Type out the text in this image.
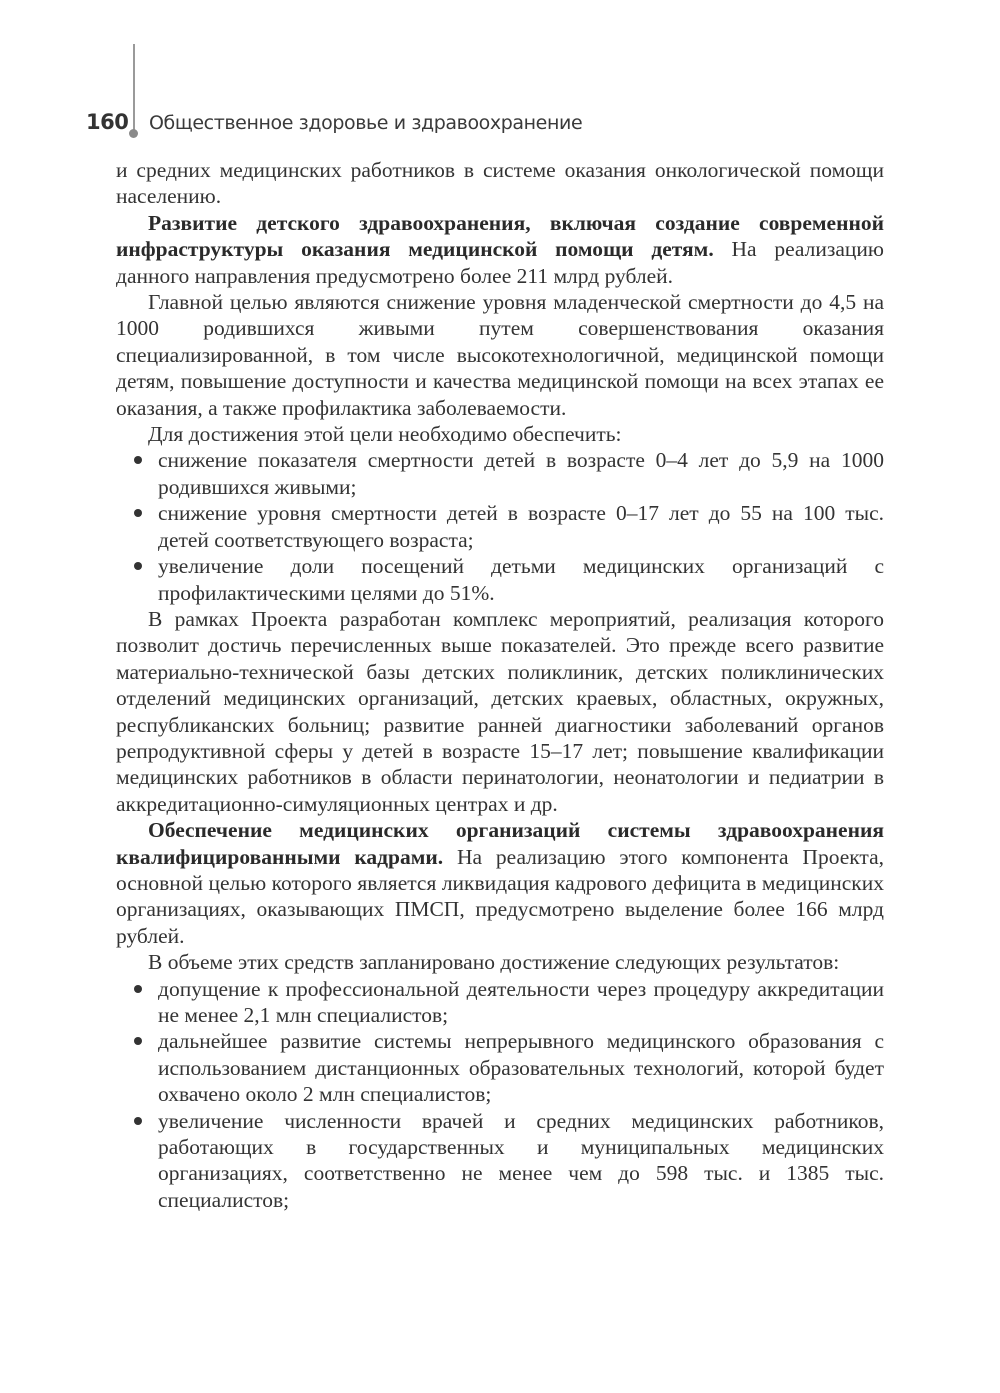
160 Общественное здоровье и здравоохранение

и средних медицинских работников в системе оказания онкологической помощи населению.

Развитие детского здравоохранения, включая создание современной инфраструктуры оказания медицинской помощи детям. На реализацию данного направления предусмотрено более 211 млрд рублей.

Главной целью являются снижение уровня младенческой смертности до 4,5 на 1000 родившихся живыми путем совершенствования оказания специализированной, в том числе высокотехнологичной, медицинской помощи детям, повышение доступности и качества медицинской помощи на всех этапах ее оказания, а также профилактика заболеваемости.

Для достижения этой цели необходимо обеспечить:

снижение показателя смертности детей в возрасте 0–4 лет до 5,9 на 1000 родившихся живыми;
снижение уровня смертности детей в возрасте 0–17 лет до 55 на 100 тыс. детей соответствующего возраста;
увеличение доли посещений детьми медицинских организаций с профилактическими целями до 51%.

В рамках Проекта разработан комплекс мероприятий, реализация которого позволит достичь перечисленных выше показателей. Это прежде всего развитие материально-технической базы детских поликлиник, детских поликлинических отделений медицинских организаций, детских краевых, областных, окружных, республиканских больниц; развитие ранней диагностики заболеваний органов репродуктивной сферы у детей в возрасте 15–17 лет; повышение квалификации медицинских работников в области перинатологии, неонатологии и педиатрии в аккредитационно-симуляционных центрах и др.

Обеспечение медицинских организаций системы здравоохранения квалифицированными кадрами. На реализацию этого компонента Проекта, основной целью которого является ликвидация кадрового дефицита в медицинских организациях, оказывающих ПМСП, предусмотрено выделение более 166 млрд рублей.

В объеме этих средств запланировано достижение следующих результатов:

допущение к профессиональной деятельности через процедуру аккредитации не менее 2,1 млн специалистов;
дальнейшее развитие системы непрерывного медицинского образования с использованием дистанционных образовательных технологий, которой будет охвачено около 2 млн специалистов;
увеличение численности врачей и средних медицинских работников, работающих в государственных и муниципальных медицинских организациях, соответственно не менее чем до 598 тыс. и 1385 тыс. специалистов;
